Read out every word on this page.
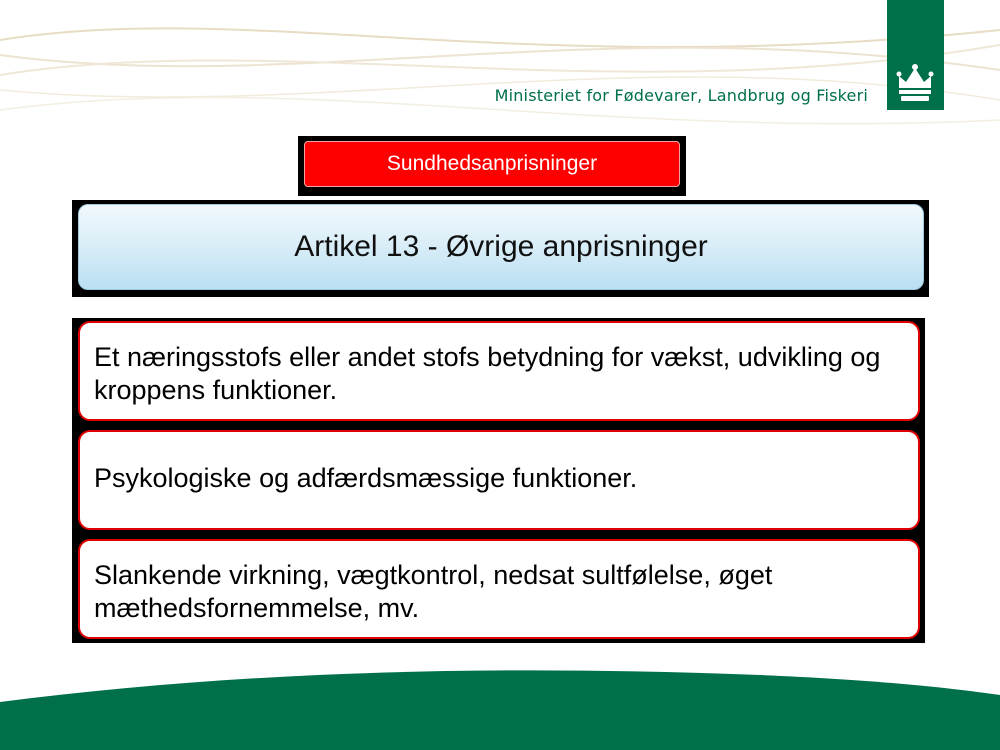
Ministeriet for Fødevarer, Landbrug og Fiskeri
Sundhedsanprisninger
Artikel 13 - Øvrige anprisninger
Et næringsstofs eller andet stofs betydning for vækst, udvikling og kroppens funktioner.
Psykologiske og adfærdsmæssige funktioner.
Slankende virkning, vægtkontrol, nedsat sultfølelse, øget mæthedsfornemmelse, mv.
